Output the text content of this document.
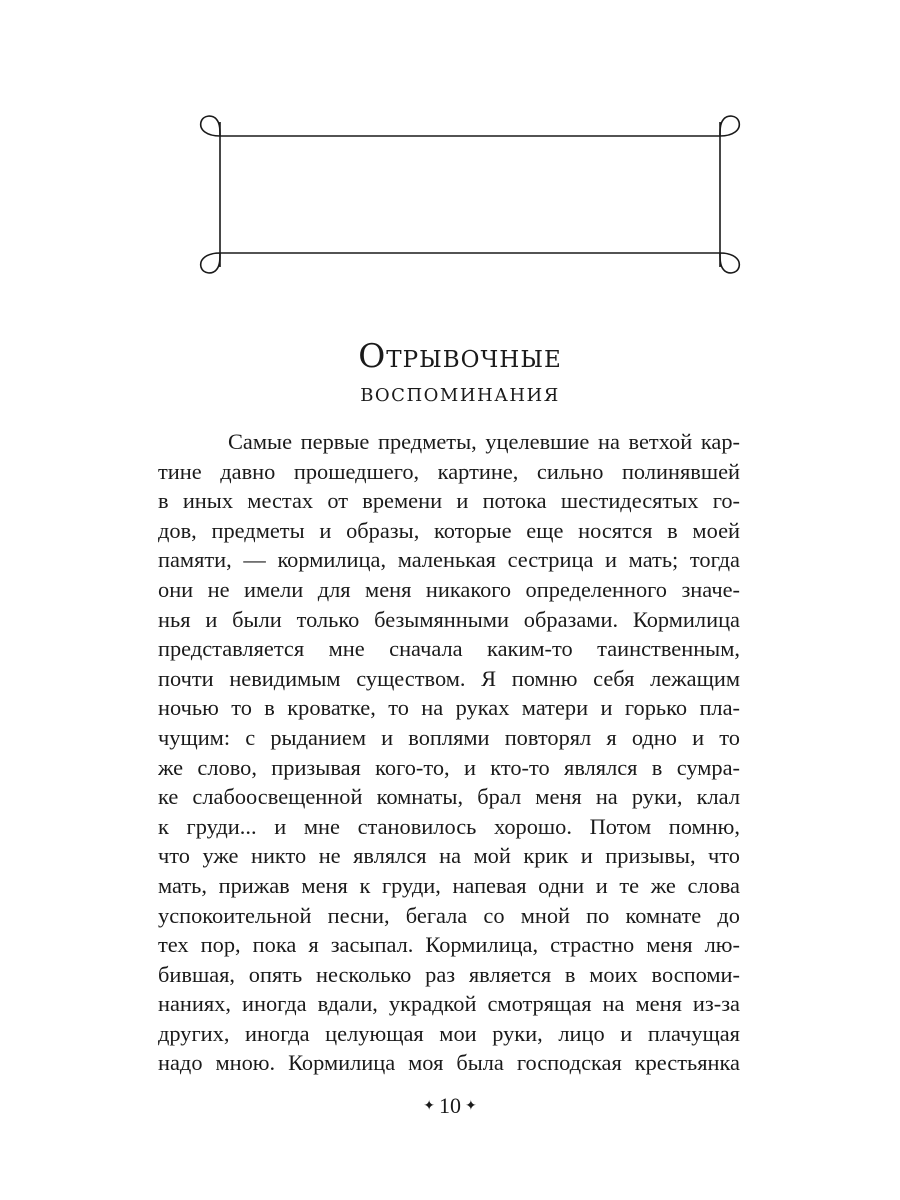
Отрывочные
воспоминания
Самые первые предметы, уцелевшие на ветхой кар-
тине давно прошедшего, картине, сильно полинявшей
в иных местах от времени и потока шестидесятых го-
дов, предметы и образы, которые еще носятся в моей
памяти, — кормилица, маленькая сестрица и мать; тогда
они не имели для меня никакого определенного значе-
нья и были только безымянными образами. Кормилица
представляется мне сначала каким-то таинственным,
почти невидимым существом. Я помню себя лежащим
ночью то в кроватке, то на руках матери и горько пла-
чущим: с рыданием и воплями повторял я одно и то
же слово, призывая кого-то, и кто-то являлся в сумра-
ке слабоосвещенной комнаты, брал меня на руки, клал
к груди... и мне становилось хорошо. Потом помню,
что уже никто не являлся на мой крик и призывы, что
мать, прижав меня к груди, напевая одни и те же слова
успокоительной песни, бегала со мной по комнате до
тех пор, пока я засыпал. Кормилица, страстно меня лю-
бившая, опять несколько раз является в моих воспоми-
наниях, иногда вдали, украдкой смотрящая на меня из-за
других, иногда целующая мои руки, лицо и плачущая
надо мною. Кормилица моя была господская крестьянка
✦ 10 ✦
